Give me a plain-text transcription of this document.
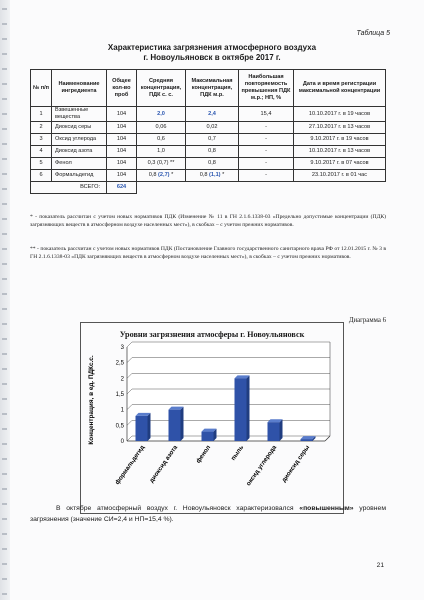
Таблица 5
Характеристика загрязнения атмосферного воздуха
г. Новоульяновск в октябре 2017 г.
№ п/п	Наименование ингредиента	Общее кол-во проб	Средняя концентрация, ПДК с. с.	Максимальная концентрация, ПДК м.р.	Наибольшая повторяемость превышения ПДК м.р.; НП, %	Дата и время регистрации максимальной концентрации
1	Взвешенные вещества	104	2,0	2,4	15,4	10.10.2017 г. в 19 часов
2	Диоксид серы	104	0,06	0,02	-	27.10.2017 г. в 13 часов
3	Оксид углерода	104	0,6	0,7	-	9.10.2017 г. в 19 часов
4	Диоксид азота	104	1,0	0,8	-	10.10.2017 г. в 13 часов
5	Фенол	104	0,3 (0,7) **	0,8	-	9.10.2017 г. в 07 часов
6	Формальдегид	104	0,8 (2,7) *	0,8 (1,1) *	-	23.10.2017 г. в 01 час
ВСЕГО:		624				
* - показатель рассчитан с учетом новых нормативов ПДК (Изменение № 11 в ГН 2.1.6.1338-03 «Предельно допустимые концентрации (ПДК) загрязняющих веществ в атмосферном воздухе населенных мест»), в скобках – с учетом прежних нормативов.
** - показатель рассчитан с учетом новых нормативов ПДК (Постановление Главного государственного санитарного врача РФ от 12.01.2015 г. № 3 в ГН 2.1.6.1338-03 «ПДК загрязняющих веществ в атмосферном воздухе населенных мест»), в скобках – с учетом прежних нормативов.
Диаграмма 6
Уровни загрязнения атмосферы г. Новоульяновск
Концентрация, в ед. ПДКс.с.	0
0,5
1
1,5
2
2,5
3
формальдегид диоксид азота	фенол	пыль оксид углерода диоксид серы

В октябре атмосферный воздух г. Новоульяновск характеризовался «повышенным» уровнем загрязнения (значение СИ=2,4 и НП=15,4 %).

21
